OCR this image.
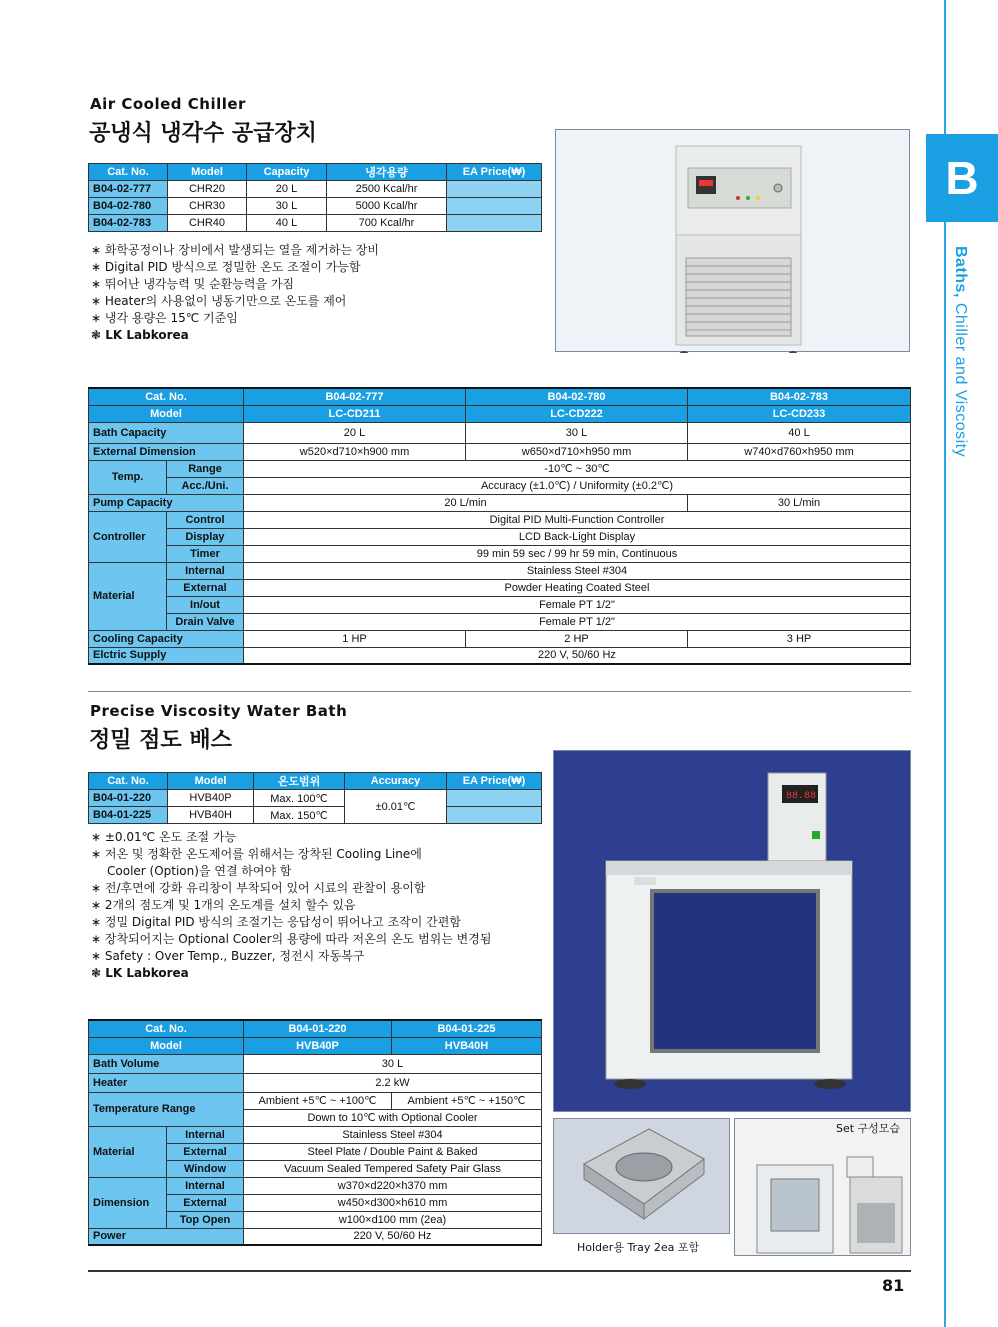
B
Baths, Chiller and Viscosity
Air Cooled Chiller
공냉식 냉각수 공급장치
Cat. No.	Model	Capacity	냉각용량	EA Price(₩)
B04-02-777	CHR20	20 L	2500 Kcal/hr	
B04-02-780	CHR30	30 L	5000 Kcal/hr	
B04-02-783	CHR40	40 L	700 Kcal/hr	
∗ 화학공정이나 장비에서 발생되는 열을 제거하는 장비
∗ Digital PID 방식으로 정밀한 온도 조절이 가능함
∗ 뛰어난 냉각능력 및 순환능력을 가짐
∗ Heater의 사용없이 냉동기만으로 온도를 제어
∗ 냉각 용량은 15℃ 기준임
❃ LK Labkorea
Cat. No.		B04-02-777	B04-02-780	B04-02-783
Model		LC-CD211	LC-CD222	LC-CD233
Bath Capacity		20 L	30 L	40 L
External Dimension		w520×d710×h900 mm	w650×d710×h950 mm	w740×d760×h950 mm
Temp.	Range	-10℃ ~ 30℃		
	Acc./Uni.	Accuracy (±1.0℃) / Uniformity (±0.2℃)		
Pump Capacity		20 L/min		30 L/min
Controller	Control	Digital PID Multi-Function Controller		
	Display	LCD Back-Light Display		
	Timer	99 min 59 sec / 99 hr 59 min, Continuous		
Material	Internal	Stainless Steel #304		
	External	Powder Heating Coated Steel		
	In/out	Female PT 1/2"		
	Drain Valve	Female PT 1/2"		
Cooling Capacity		1 HP	2 HP	3 HP
Elctric Supply		220 V, 50/60 Hz		
Precise Viscosity Water Bath
정밀 점도 배스
Cat. No.	Model	온도범위	Accuracy	EA Price(₩)
B04-01-220	HVB40P	Max. 100℃	±0.01℃	
B04-01-225	HVB40H	Max. 150℃		
∗ ±0.01℃ 온도 조절 가능
∗ 저온 및 정확한 온도제어를 위해서는 장착된 Cooling Line에
Cooler (Option)을 연결 하여야 함
∗ 전/후면에 강화 유리창이 부착되어 있어 시료의 관찰이 용이함
∗ 2개의 점도계 및 1개의 온도계를 설치 할수 있음
∗ 정밀 Digital PID 방식의 조절기는 응답성이 뛰어나고 조작이 간편함
∗ 장착되어지는 Optional Cooler의 용량에 따라 저온의 온도 범위는 변경됨
∗ Safety : Over Temp., Buzzer, 정전시 자동복구
❃ LK Labkorea
88.88
Holder용 Tray 2ea 포함
Set 구성모습
Cat. No.		B04-01-220	B04-01-225
Model		HVB40P	HVB40H
Bath Volume		30 L	
Heater		2.2 kW	
Temperature Range		Ambient +5℃ ~ +100℃	Ambient +5℃ ~ +150℃
		Down to 10℃ with Optional Cooler	
Material	Internal	Stainless Steel #304	
	External	Steel Plate / Double Paint & Baked	
	Window	Vacuum Sealed Tempered Safety Pair Glass	
Dimension	Internal	w370×d220×h370 mm	
	External	w450×d300×h610 mm	
	Top Open	w100×d100 mm (2ea)	
Power		220 V, 50/60 Hz	
81
